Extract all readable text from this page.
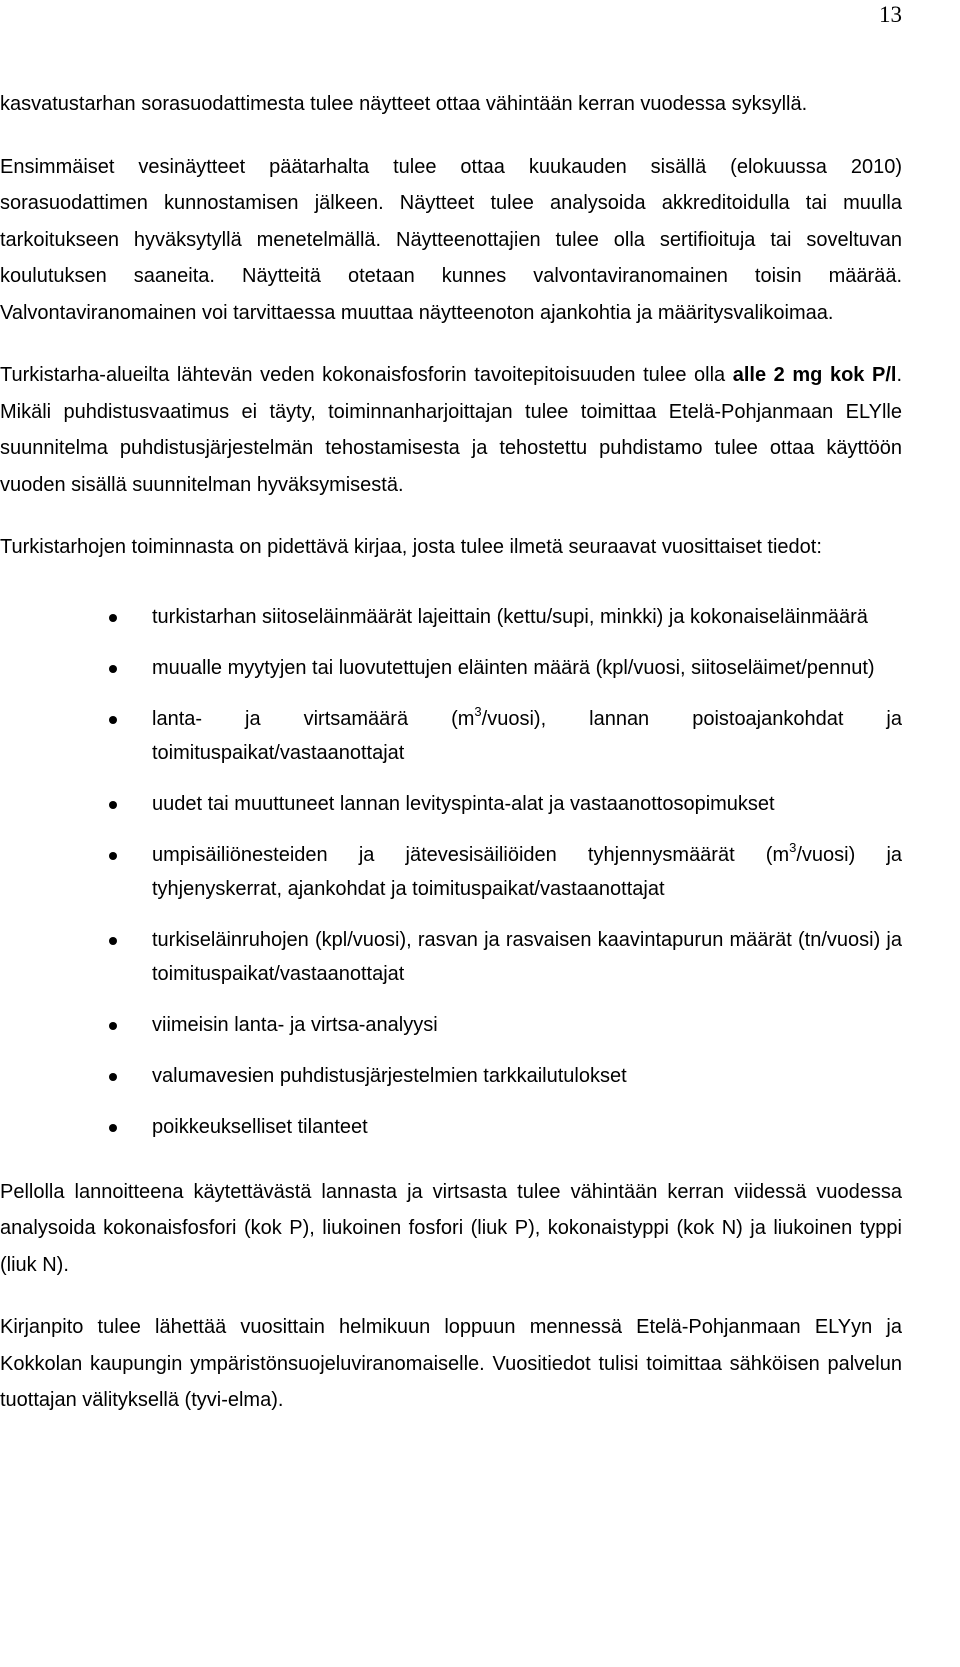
13

kasvatustarhan sorasuodattimesta tulee näytteet ottaa vähintään kerran vuodessa syksyllä.

Ensimmäiset vesinäytteet päätarhalta tulee ottaa kuukauden sisällä (elokuussa 2010) sorasuodattimen kunnostamisen jälkeen. Näytteet tulee analysoida akkreditoidulla tai muulla tarkoitukseen hyväksytyllä menetelmällä. Näytteenottajien tulee olla sertifioituja tai soveltuvan koulutuksen saaneita. Näytteitä otetaan kunnes valvontaviranomainen toisin määrää. Valvontaviranomainen voi tarvittaessa muuttaa näytteenoton ajankohtia ja määritysvalikoimaa.

Turkistarha-alueilta lähtevän veden kokonaisfosforin tavoitepitoisuuden tulee olla alle 2 mg kok P/l. Mikäli puhdistusvaatimus ei täyty, toiminnanharjoittajan tulee toimittaa Etelä-Pohjanmaan ELYlle suunnitelma puhdistusjärjestelmän tehostamisesta ja tehostettu puhdistamo tulee ottaa käyttöön vuoden sisällä suunnitelman hyväksymisestä.

Turkistarhojen toiminnasta on pidettävä kirjaa, josta tulee ilmetä seuraavat vuosittaiset tiedot:

turkistarhan siitoseläinmäärät lajeittain (kettu/supi, minkki) ja kokonaiseläinmäärä
muualle myytyjen tai luovutettujen eläinten määrä (kpl/vuosi, siitoseläimet/pennut)
lanta- ja virtsamäärä $(m^3/vuosi)$, lannan poistoajankohdat ja toimituspaikat/vastaanottajat
uudet tai muuttuneet lannan levityspinta-alat ja vastaanottosopimukset
umpisäiliönesteiden ja jätevesisäiliöiden tyhjennysmäärät $(m^3/vuosi)$ ja tyhjenyskerrat, ajankohdat ja toimituspaikat/vastaanottajat
turkiseläinruhojen (kpl/vuosi), rasvan ja rasvaisen kaavintapurun määrät (tn/vuosi) ja toimituspaikat/vastaanottajat
viimeisin lanta- ja virtsa-analyysi
valumavesien puhdistusjärjestelmien tarkkailutulokset
poikkeukselliset tilanteet

Pellolla lannoitteena käytettävästä lannasta ja virtsasta tulee vähintään kerran viidessä vuodessa analysoida kokonaisfosfori (kok P), liukoinen fosfori (liuk P), kokonaistyppi (kok N) ja liukoinen typpi (liuk N).

Kirjanpito tulee lähettää vuosittain helmikuun loppuun mennessä Etelä-Pohjanmaan ELYyn ja Kokkolan kaupungin ympäristönsuojeluviranomaiselle. Vuositiedot tulisi toimittaa sähköisen palvelun tuottajan välityksellä (tyvi-elma).
